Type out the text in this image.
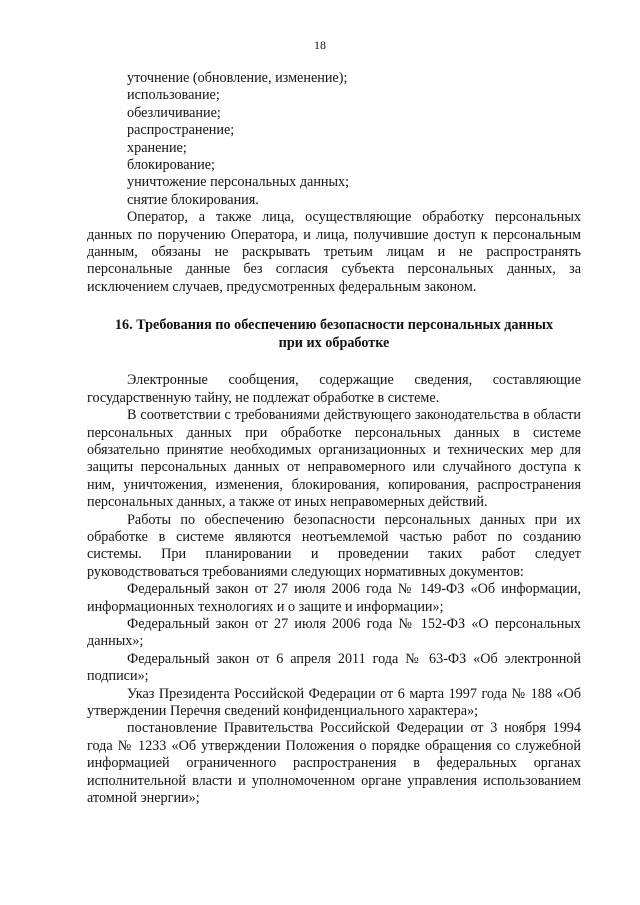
18
уточнение (обновление, изменение);
использование;
обезличивание;
распространение;
хранение;
блокирование;
уничтожение персональных данных;
снятие блокирования.

Оператор, а также лица, осуществляющие обработку персональных данных по поручению Оператора, и лица, получившие доступ к персональным данным, обязаны не раскрывать третьим лицам и не распространять персональные данные без согласия субъекта персональных данных, за исключением случаев, предусмотренных федеральным законом.

16. Требования по обеспечению безопасности персональных данных
при их обработке

Электронные сообщения, содержащие сведения, составляющие государственную тайну, не подлежат обработке в системе.

В соответствии с требованиями действующего законодательства в области персональных данных при обработке персональных данных в системе обязательно принятие необходимых организационных и технических мер для защиты персональных данных от неправомерного или случайного доступа к ним, уничтожения, изменения, блокирования, копирования, распространения персональных данных, а также от иных неправомерных действий.

Работы по обеспечению безопасности персональных данных при их обработке в системе являются неотъемлемой частью работ по созданию системы. При планировании и проведении таких работ следует руководствоваться требованиями следующих нормативных документов:

Федеральный закон от 27 июля 2006 года № 149-ФЗ «Об информации, информационных технологиях и о защите и информации»;

Федеральный закон от 27 июля 2006 года № 152-ФЗ «О персональных данных»;

Федеральный закон от 6 апреля 2011 года № 63-ФЗ «Об электронной подписи»;

Указ Президента Российской Федерации от 6 марта 1997 года № 188 «Об утверждении Перечня сведений конфиденциального характера»;

постановление Правительства Российской Федерации от 3 ноября 1994 года № 1233 «Об утверждении Положения о порядке обращения со служебной информацией ограниченного распространения в федеральных органах исполнительной власти и уполномоченном органе управления использованием атомной энергии»;
